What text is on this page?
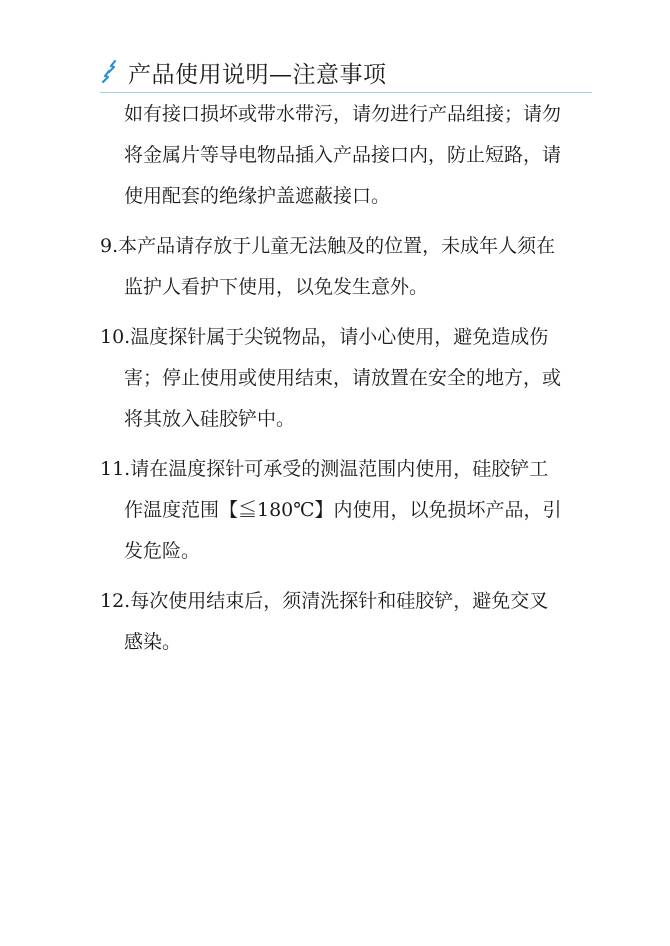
产品使用说明—注意事项
如有接口损坏或带水带污，请勿进行产品组接；请勿
将金属片等导电物品插入产品接口内，防止短路，请
使用配套的绝缘护盖遮蔽接口。
9.本产品请存放于儿童无法触及的位置，未成年人须在
监护人看护下使用，以免发生意外。
10.温度探针属于尖锐物品，请小心使用，避免造成伤
害；停止使用或使用结束，请放置在安全的地方，或
将其放入硅胶铲中。
11.请在温度探针可承受的测温范围内使用，硅胶铲工
作温度范围【≦180℃】内使用，以免损坏产品，引
发危险。
12.每次使用结束后，须清洗探针和硅胶铲，避免交叉
感染。
